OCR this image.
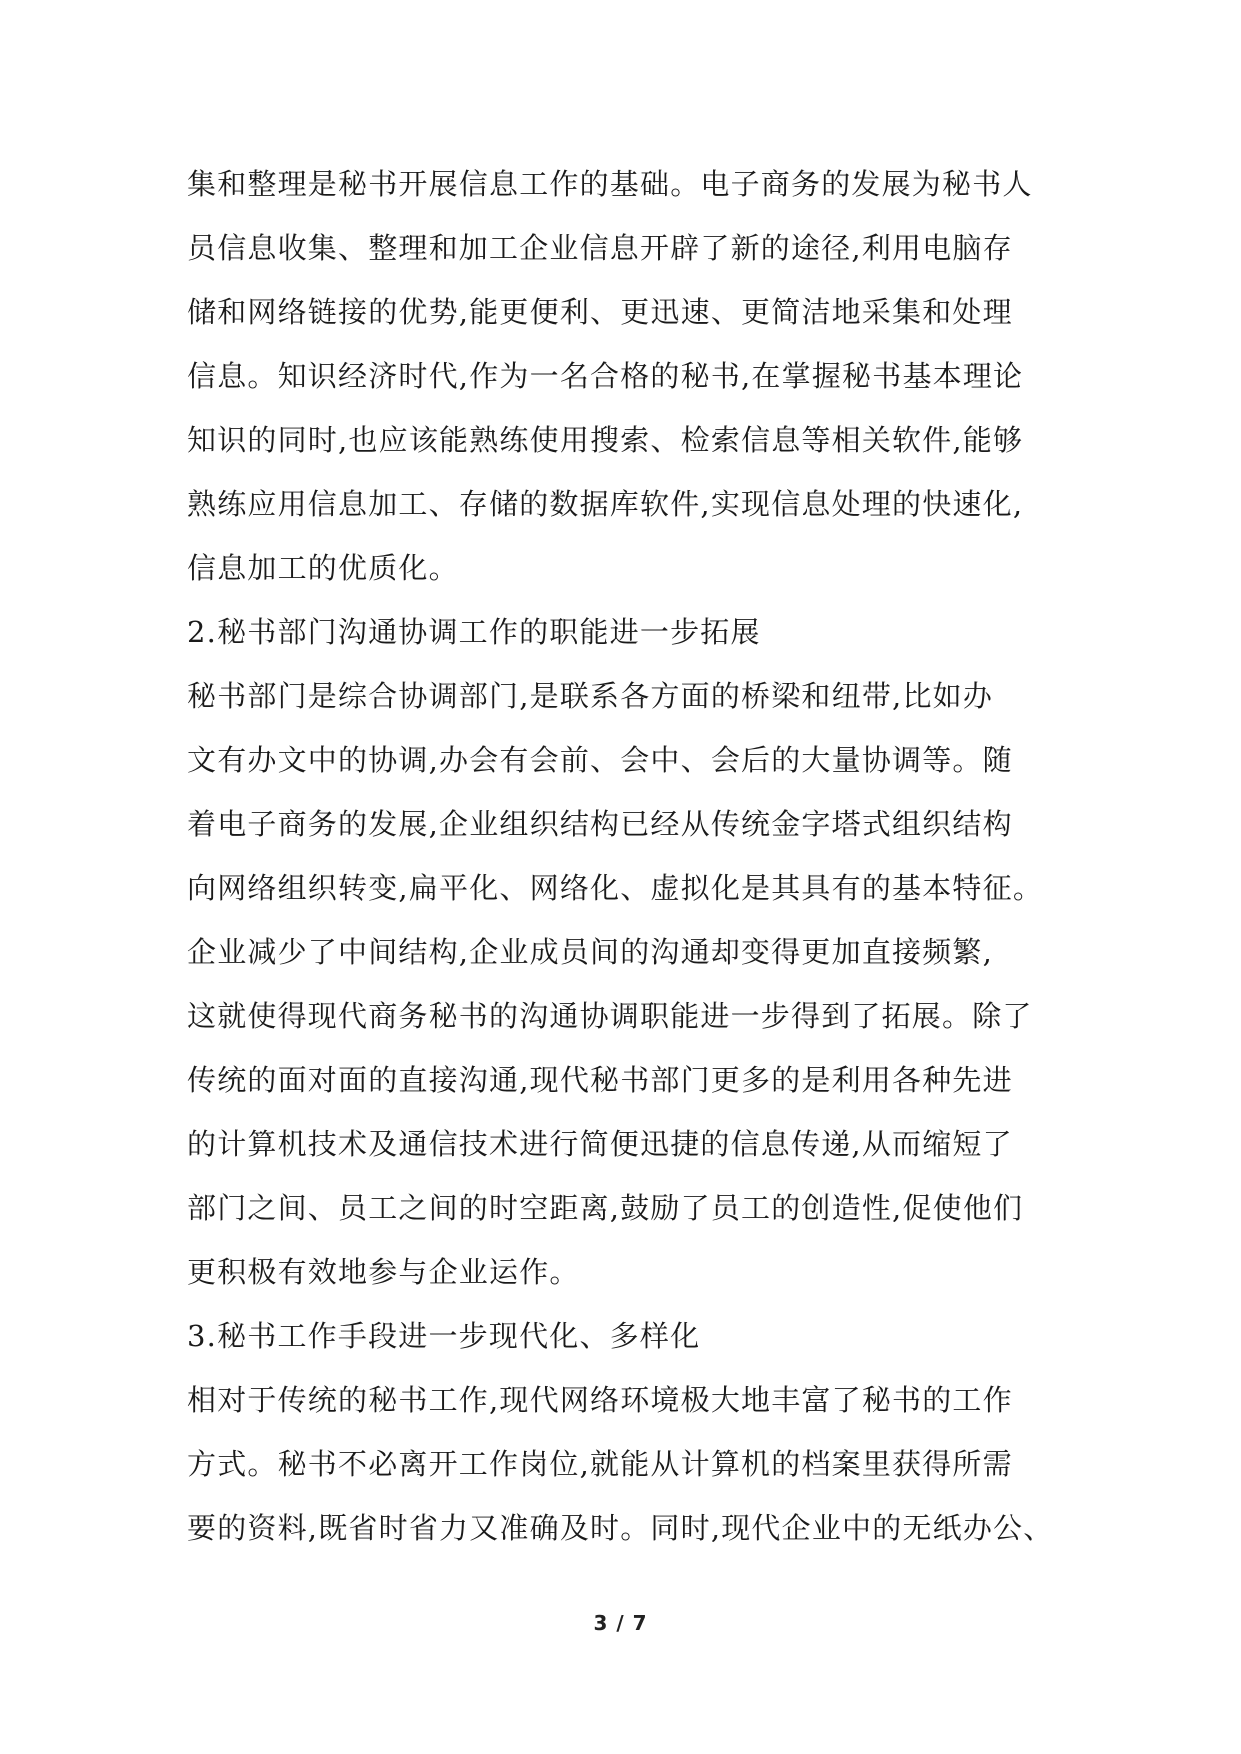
集和整理是秘书开展信息工作的基础。电子商务的发展为秘书人
员信息收集、整理和加工企业信息开辟了新的途径,利用电脑存
储和网络链接的优势,能更便利、更迅速、更简洁地采集和处理
信息。知识经济时代,作为一名合格的秘书,在掌握秘书基本理论
知识的同时,也应该能熟练使用搜索、检索信息等相关软件,能够
熟练应用信息加工、存储的数据库软件,实现信息处理的快速化,
信息加工的优质化。
2.秘书部门沟通协调工作的职能进一步拓展
秘书部门是综合协调部门,是联系各方面的桥梁和纽带,比如办
文有办文中的协调,办会有会前、会中、会后的大量协调等。随
着电子商务的发展,企业组织结构已经从传统金字塔式组织结构
向网络组织转变,扁平化、网络化、虚拟化是其具有的基本特征。
企业减少了中间结构,企业成员间的沟通却变得更加直接频繁,
这就使得现代商务秘书的沟通协调职能进一步得到了拓展。除了
传统的面对面的直接沟通,现代秘书部门更多的是利用各种先进
的计算机技术及通信技术进行简便迅捷的信息传递,从而缩短了
部门之间、员工之间的时空距离,鼓励了员工的创造性,促使他们
更积极有效地参与企业运作。
3.秘书工作手段进一步现代化、多样化
相对于传统的秘书工作,现代网络环境极大地丰富了秘书的工作
方式。秘书不必离开工作岗位,就能从计算机的档案里获得所需
要的资料,既省时省力又准确及时。同时,现代企业中的无纸办公、
3 / 7
